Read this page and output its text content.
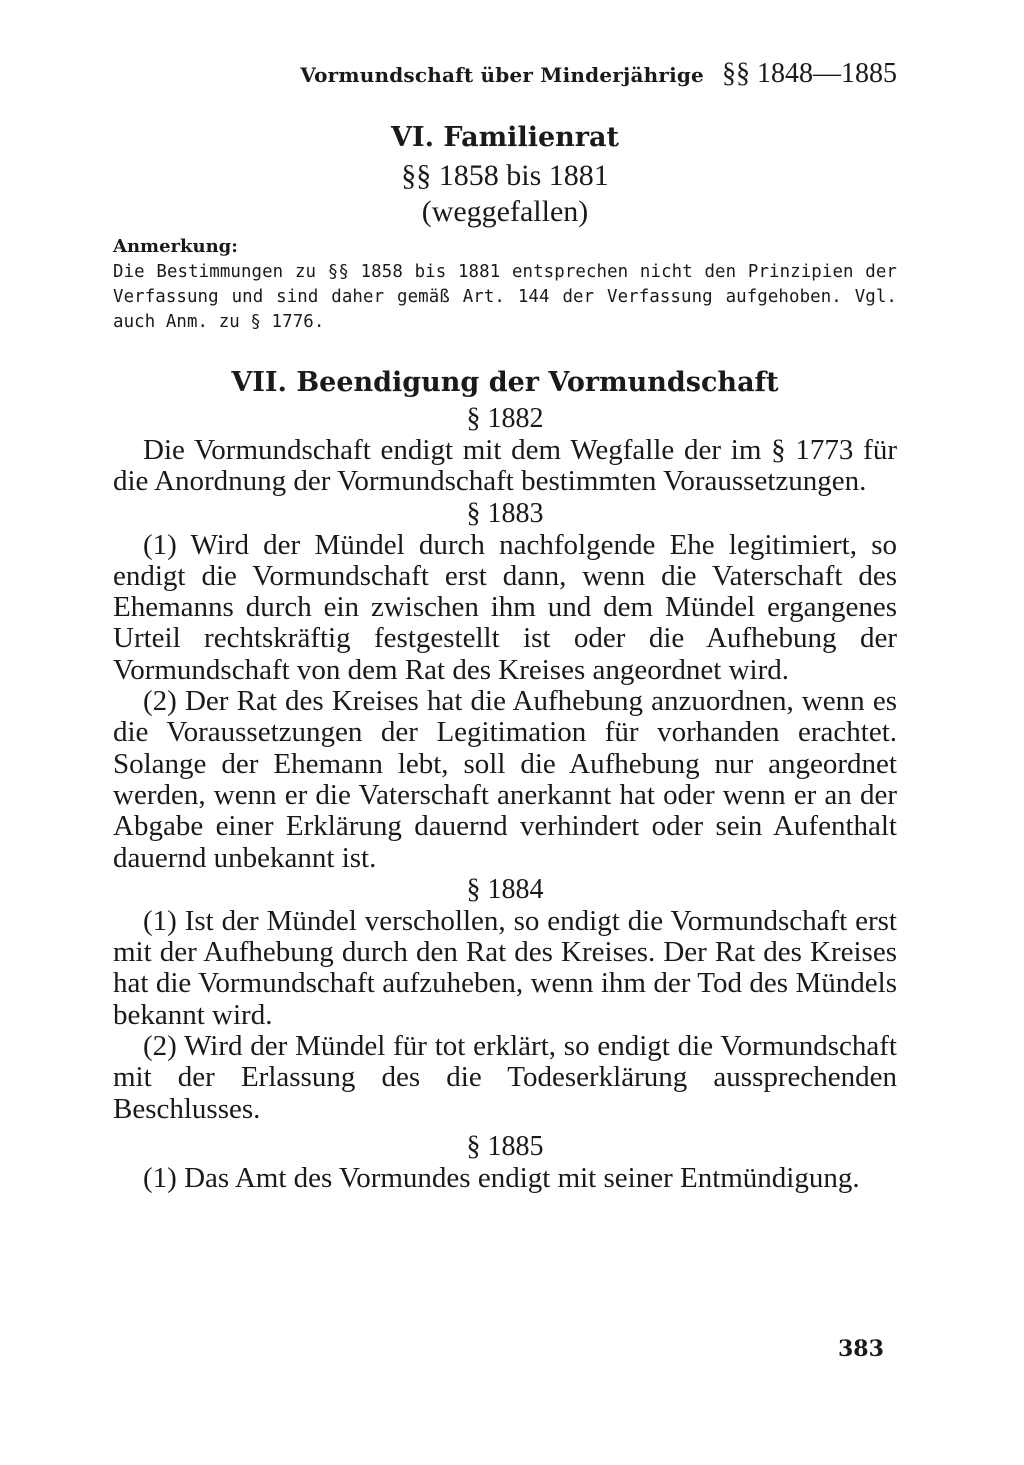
Vormundschaft über Minderjährige §§ 1848—1885
VI. Familienrat
§§ 1858 bis 1881
(weggefallen)
Anmerkung:

Die Bestimmungen zu §§ 1858 bis 1881 entsprechen nicht den Prinzipien der Verfassung und sind daher gemäß Art. 144 der Verfassung aufgehoben. Vgl. auch Anm. zu § 1776.

VII. Beendigung der Vormundschaft
§ 1882

Die Vormundschaft endigt mit dem Wegfalle der im § 1773 für die Anordnung der Vormundschaft bestimmten Voraussetzungen.

§ 1883

(1) Wird der Mündel durch nachfolgende Ehe legitimiert, so endigt die Vormundschaft erst dann, wenn die Vaterschaft des Ehemanns durch ein zwischen ihm und dem Mündel ergangenes Urteil rechtskräftig festgestellt ist oder die Aufhebung der Vormundschaft von dem Rat des Kreises angeordnet wird.

(2) Der Rat des Kreises hat die Aufhebung anzuordnen, wenn es die Voraussetzungen der Legitimation für vorhanden erachtet. Solange der Ehemann lebt, soll die Aufhebung nur angeordnet werden, wenn er die Vaterschaft anerkannt hat oder wenn er an der Abgabe einer Erklärung dauernd verhindert oder sein Aufenthalt dauernd unbekannt ist.

§ 1884

(1) Ist der Mündel verschollen, so endigt die Vormundschaft erst mit der Aufhebung durch den Rat des Kreises. Der Rat des Kreises hat die Vormundschaft aufzuheben, wenn ihm der Tod des Mündels bekannt wird.

(2) Wird der Mündel für tot erklärt, so endigt die Vormundschaft mit der Erlassung des die Todeserklärung aussprechenden Beschlusses.

§ 1885

(1) Das Amt des Vormundes endigt mit seiner Entmündigung.

383
